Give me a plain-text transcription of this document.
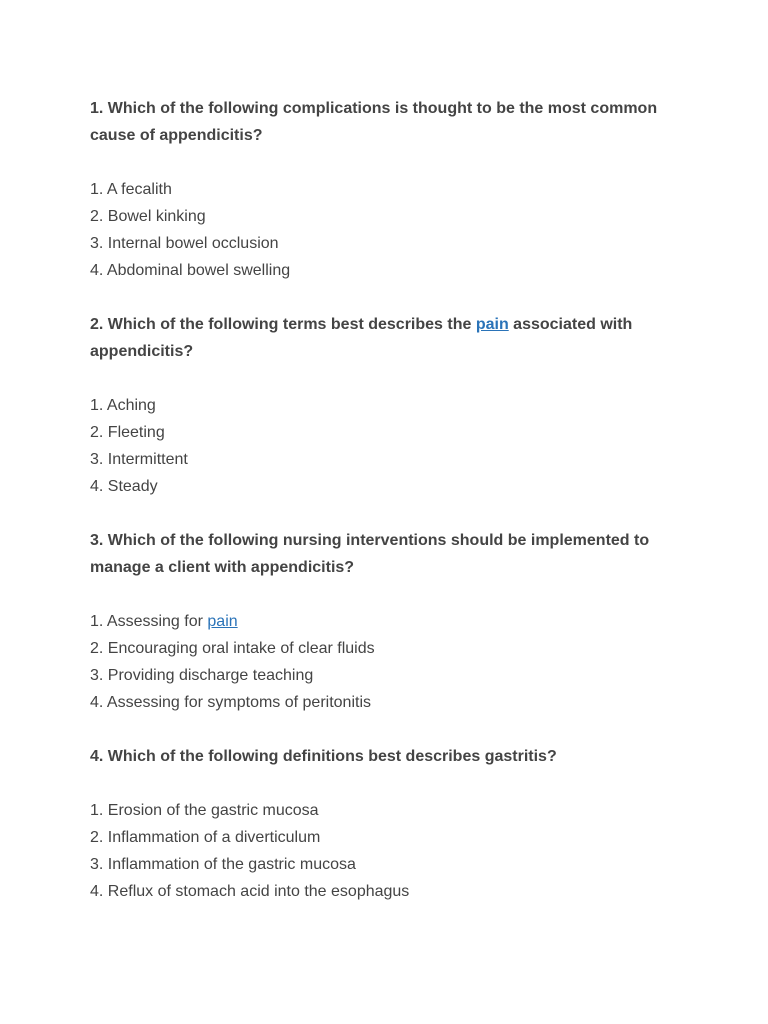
1. Which of the following complications is thought to be the most common cause of appendicitis?

1. A fecalith
2. Bowel kinking
3. Internal bowel occlusion
4. Abdominal bowel swelling

2. Which of the following terms best describes the pain associated with appendicitis?

1. Aching
2. Fleeting
3. Intermittent
4. Steady

3. Which of the following nursing interventions should be implemented to manage a client with appendicitis?

1. Assessing for pain
2. Encouraging oral intake of clear fluids
3. Providing discharge teaching
4. Assessing for symptoms of peritonitis

4. Which of the following definitions best describes gastritis?

1. Erosion of the gastric mucosa
2. Inflammation of a diverticulum
3. Inflammation of the gastric mucosa
4. Reflux of stomach acid into the esophagus
